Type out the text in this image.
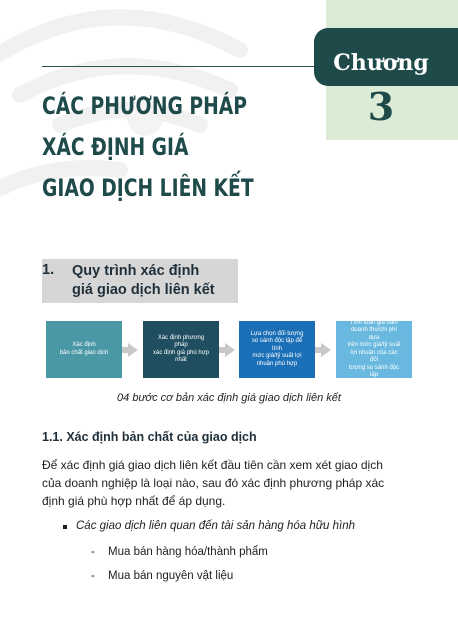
Chương
3
CÁC PHƯƠNG PHÁP
XÁC ĐỊNH GIÁ
GIAO DỊCH LIÊN KẾT
1. Quy trình xác định
giá giao dịch liên kết
Xác định
bản chất giao dịch
Xác định phương pháp
xác định giá phù hợp nhất
Lựa chọn đối tượng
so sánh độc lập để tính
mức giá/tỷ suất lợi
nhuận phù hợp
Tính toán giá bán/
doanh thu/chi phí dựa
trên mức giá/tỷ suất
lợi nhuận của các đối
tượng so sánh độc lập
04 bước cơ bản xác định giá giao dịch liên kết
1.1. Xác định bản chất của giao dịch

Để xác định giá giao dịch liên kết đầu tiên cần xem xét giao dịch
của doanh nghiệp là loại nào, sau đó xác định phương pháp xác
định giá phù hợp nhất để áp dụng.

Các giao dịch liên quan đến tài sản hàng hóa hữu hình
- Mua bán hàng hóa/thành phẩm
- Mua bán nguyên vật liệu
